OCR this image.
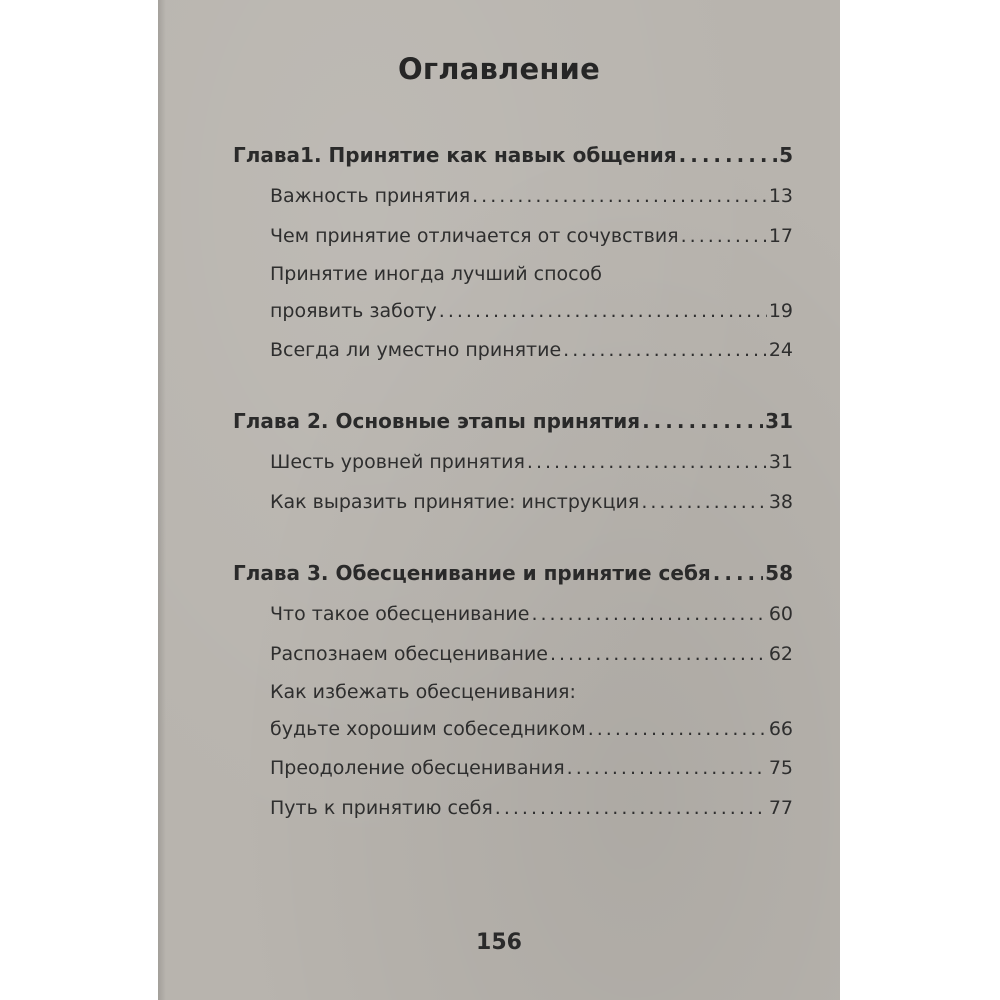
Оглавление
Глава1. Принятие как навык общения .....	5
Важность принятия .....	13
Чем принятие отличается от сочувствия .....	17
Принятие иногда лучший способ
проявить заботу .....	19
Всегда ли уместно принятие .....	24
Глава 2. Основные этапы принятия .....	31
Шесть уровней принятия .....	31
Как выразить принятие: инструкция .....	38
Глава 3. Обесценивание и принятие себя .....	58
Что такое обесценивание .....	60
Распознаем обесценивание .....	62
Как избежать обесценивания:
будьте хорошим собеседником .....	66
Преодоление обесценивания .....	75
Путь к принятию себя .....	77
156
